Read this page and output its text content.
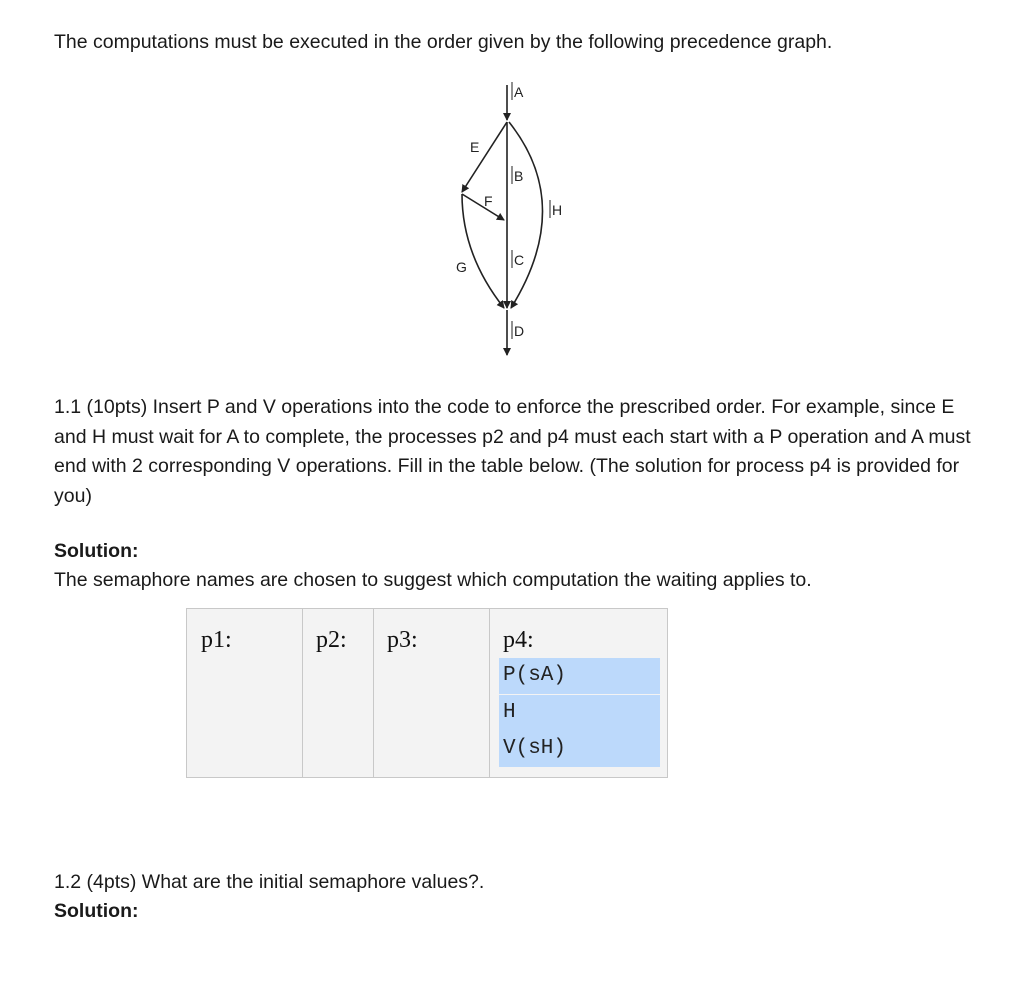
The computations must be executed in the order given by the following precedence graph.

A
B
C
D
E
F
G
H

1.1 (10pts) Insert P and V operations into the code to enforce the prescribed order. For example, since E and H must wait for A to complete, the processes p2 and p4 must each start with a P operation and A must end with 2 corresponding V operations. Fill in the table below. (The solution for process p4 is provided for you)

Solution:

The semaphore names are chosen to suggest which computation the waiting applies to.

p1:	p2: p3:	p4:
P(sA)
H
V(sH)

1.2 (4pts) What are the initial semaphore values?.

Solution:
